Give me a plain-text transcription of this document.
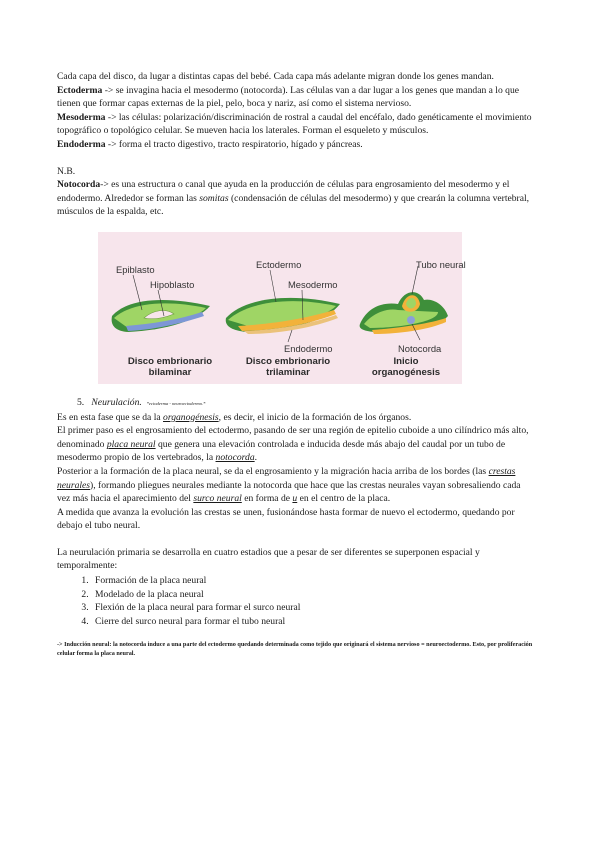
Cada capa del disco, da lugar a distintas capas del bebé. Cada capa más adelante migran donde los genes mandan.

Ectoderma -> se invagina hacia el mesodermo (notocorda). Las células van a dar lugar a los genes que mandan a lo que tienen que formar capas externas de la piel, pelo, boca y nariz, así como el sistema nervioso.

Mesoderma -> las células: polarización/discriminación de rostral a caudal del encéfalo, dado genéticamente el movimiento topográfico o topológico celular. Se mueven hacia los laterales. Forman el esqueleto y músculos.

Endoderma -> forma el tracto digestivo, tracto respiratorio, hígado y páncreas.

N.B.

Notocorda-> es una estructura o canal que ayuda en la producción de células para engrosamiento del mesodermo y el endodermo. Alrededor se forman las somitas (condensación de células del mesodermo) y que crearán la columna vertebral, músculos de la espalda, etc.

Epiblasto
Hipoblasto
Ectodermo
Mesodermo
Endodermo
Tubo neural
Notocorda
Disco embrionario
bilaminar
Disco embrionario
trilaminar
Inicio
organogénesis

5. Neurulación. *ectoderma - neuroectodermo.*

Es en esta fase que se da la organogénesis, es decir, el inicio de la formación de los órganos.

El primer paso es el engrosamiento del ectodermo, pasando de ser una región de epitelio cuboide a uno cilíndrico más alto, denominado placa neural que genera una elevación controlada e inducida desde más abajo del caudal por un tubo de mesodermo propio de los vertebrados, la notocorda.

Posterior a la formación de la placa neural, se da el engrosamiento y la migración hacia arriba de los bordes (las crestas neurales), formando pliegues neurales mediante la notocorda que hace que las crestas neurales vayan sobresaliendo cada vez más hacia el aparecimiento del surco neural en forma de u en el centro de la placa.

A medida que avanza la evolución las crestas se unen, fusionándose hasta formar de nuevo el ectodermo, quedando por debajo el tubo neural.

La neurulación primaria se desarrolla en cuatro estadios que a pesar de ser diferentes se superponen espacial y temporalmente:

1. Formación de la placa neural
2. Modelado de la placa neural
3. Flexión de la placa neural para formar el surco neural
4. Cierre del surco neural para formar el tubo neural

-> Inducción neural: la notocorda induce a una parte del ectodermo quedando determinada como tejido que originará el sistema nervioso = neuroectodermo. Esto, por proliferación celular forma la placa neural.
